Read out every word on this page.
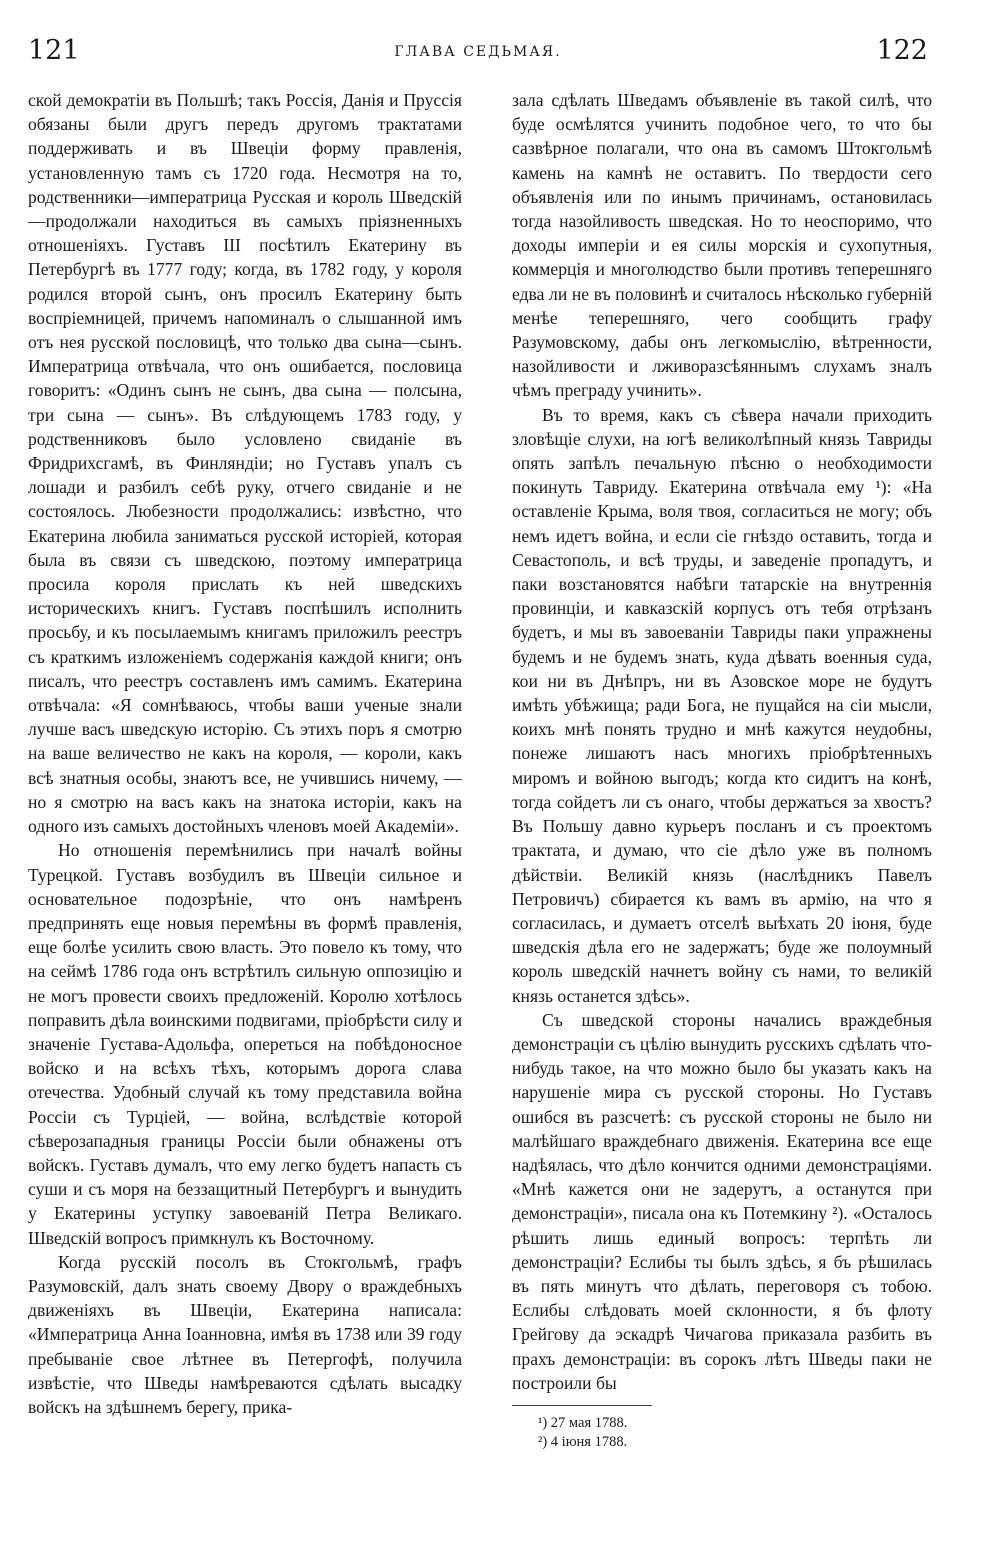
121	ГЛАВА СЕДЬМАЯ.	122

ской демократіи въ Польшѣ; такъ Россія, Данія и Пруссія обязаны были другъ передъ другомъ трактатами поддерживать и въ Швеціи форму правленія, установленную тамъ съ 1720 года. Несмотря на то, родственники—императрица Русская и король Шведскій—продолжали находиться въ самыхъ пріязненныхъ отношеніяхъ. Густавъ III посѣтилъ Екатерину въ Петербургѣ въ 1777 году; когда, въ 1782 году, у короля родился второй сынъ, онъ просилъ Екатерину быть воспріемницей, причемъ напоминалъ о слышанной имъ отъ нея русской пословицѣ, что только два сына—сынъ. Императрица отвѣчала, что онъ ошибается, пословица говоритъ: «Одинъ сынъ не сынъ, два сына — полсына, три сына — сынъ». Въ слѣдующемъ 1783 году, у родственниковъ было условлено свиданіе въ Фридрихсгамѣ, въ Финляндіи; но Густавъ упалъ съ лошади и разбилъ себѣ руку, отчего свиданіе и не состоялось. Любезности продолжались: извѣстно, что Екатерина любила заниматься русской исторіей, которая была въ связи съ шведскою, поэтому императрица просила короля прислать къ ней шведскихъ историческихъ книгъ. Густавъ поспѣшилъ исполнить просьбу, и къ посылаемымъ книгамъ приложилъ реестръ съ краткимъ изложеніемъ содержанія каждой книги; онъ писалъ, что реестръ составленъ имъ самимъ. Екатерина отвѣчала: «Я сомнѣваюсь, чтобы ваши ученые знали лучше васъ шведскую исторію. Съ этихъ поръ я смотрю на ваше величество не какъ на короля, — короли, какъ всѣ знатныя особы, знаютъ все, не учившись ничему, — но я смотрю на васъ какъ на знатока исторіи, какъ на одного изъ самыхъ достойныхъ членовъ моей Академіи».

Но отношенія перемѣнились при началѣ войны Турецкой. Густавъ возбудилъ въ Швеціи сильное и основательное подозрѣніе, что онъ намѣренъ предпринять еще новыя перемѣны въ формѣ правленія, еще болѣе усилить свою власть. Это повело къ тому, что на сеймѣ 1786 года онъ встрѣтилъ сильную оппозицію и не могъ провести своихъ предложеній. Королю хотѣлось поправить дѣла воинскими подвигами, пріобрѣсти силу и значеніе Густава-Адольфа, опереться на побѣдоносное войско и на всѣхъ тѣхъ, которымъ дорога слава отечества. Удобный случай къ тому представила война Россіи съ Турціей, — война, вслѣдствіе которой сѣверозападныя границы Россіи были обнажены отъ войскъ. Густавъ думалъ, что ему легко будетъ напасть съ суши и съ моря на беззащитный Петербургъ и вынудить у Екатерины уступку завоеваній Петра Великаго. Шведскій вопросъ примкнулъ къ Восточному.

Когда русскій посолъ въ Стокгольмѣ, графъ Разумовскій, далъ знать своему Двору о враждебныхъ движеніяхъ въ Швеціи, Екатерина написала: «Императрица Анна Іоанновна, имѣя въ 1738 или 39 году пребываніе свое лѣтнее въ Петергофѣ, получила извѣстіе, что Шведы намѣреваются сдѣлать высадку войскъ на здѣшнемъ берегу, прика-

зала сдѣлать Шведамъ объявленіе въ такой силѣ, что буде осмѣлятся учинить подобное чего, то что бы сазвѣрное полагали, что она въ самомъ Штокгольмѣ камень на камнѣ не оставитъ. По твердости сего объявленія или по инымъ причинамъ, остановилась тогда назойливость шведская. Но то неоспоримо, что доходы имперіи и ея силы морскія и сухопутныя, коммерція и многолюдство были противъ теперешняго едва ли не въ половинѣ и считалось нѣсколько губерній менѣе теперешняго, чего сообщить графу Разумовскому, дабы онъ легкомыслію, вѣтренности, назойливости и лживоразсѣяннымъ слухамъ зналъ чѣмъ преграду учинить».

Въ то время, какъ съ сѣвера начали приходить зловѣщіе слухи, на югѣ великолѣпный князь Тавриды опять запѣлъ печальную пѣсню о необходимости покинуть Тавриду. Екатерина отвѣчала ему ¹): «На оставленіе Крыма, воля твоя, согласиться не могу; объ немъ идетъ война, и если сіе гнѣздо оставить, тогда и Севастополь, и всѣ труды, и заведеніе пропадутъ, и паки возстановятся набѣги татарскіе на внутреннія провинціи, и кавказскій корпусъ отъ тебя отрѣзанъ будетъ, и мы въ завоеваніи Тавриды паки упражнены будемъ и не будемъ знать, куда дѣвать военныя суда, кои ни въ Днѣпръ, ни въ Азовское море не будутъ имѣть убѣжища; ради Бога, не пущайся на сіи мысли, коихъ мнѣ понять трудно и мнѣ кажутся неудобны, понеже лишаютъ насъ многихъ пріобрѣтенныхъ миромъ и войною выгодъ; когда кто сидитъ на конѣ, тогда сойдетъ ли съ онаго, чтобы держаться за хвостъ? Въ Польшу давно курьеръ посланъ и съ проектомъ трактата, и думаю, что сіе дѣло уже въ полномъ дѣйствіи. Великій князь (наслѣдникъ Павелъ Петровичъ) сбирается къ вамъ въ армію, на что я согласилась, и думаетъ отселѣ выѣхать 20 іюня, буде шведскія дѣла его не задержатъ; буде же полоумный король шведскій начнетъ войну съ нами, то великій князь останется здѣсь».

Съ шведской стороны начались враждебныя демонстраціи съ цѣлію вынудить русскихъ сдѣлать что-нибудь такое, на что можно было бы указать какъ на нарушеніе мира съ русской стороны. Но Густавъ ошибся въ разсчетѣ: съ русской стороны не было ни малѣйшаго враждебнаго движенія. Екатерина все еще надѣялась, что дѣло кончится одними демонстраціями. «Мнѣ кажется они не задерутъ, а останутся при демонстраціи», писала она къ Потемкину ²). «Осталось рѣшить лишь единый вопросъ: терпѣть ли демонстраціи? Еслибы ты былъ здѣсь, я бъ рѣшилась въ пять минутъ что дѣлать, переговоря съ тобою. Еслибы слѣдовать моей склонности, я бъ флоту Грейгову да эскадрѣ Чичагова приказала разбить въ прахъ демонстраціи: въ сорокъ лѣтъ Шведы паки не построили бы

¹) 27 мая 1788.
²) 4 іюня 1788.
